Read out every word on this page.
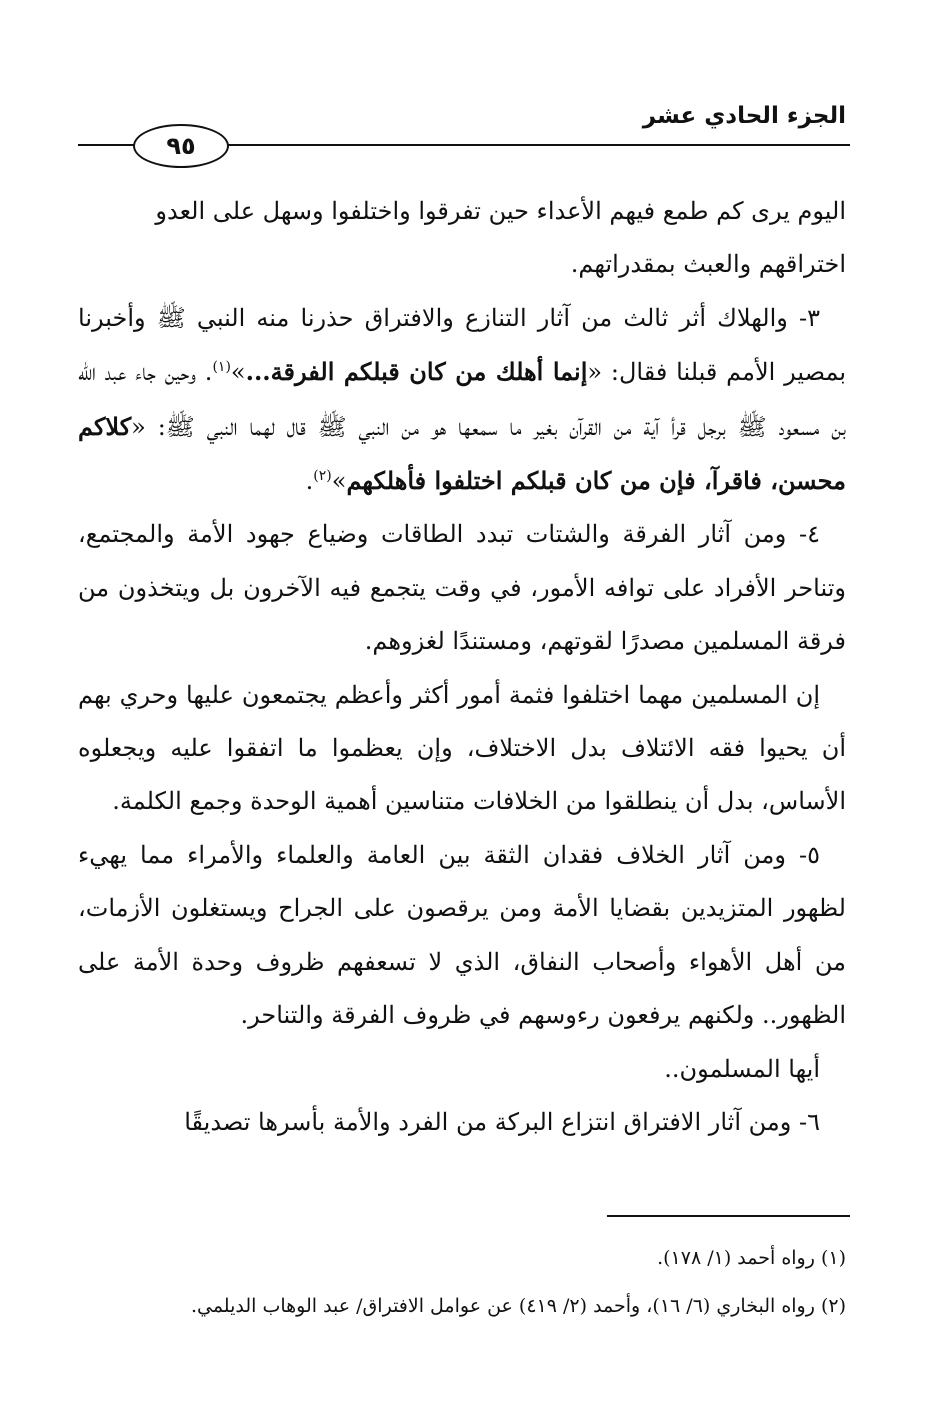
الجزء الحادي عشر
٩٥

اليوم يرى كم طمع فيهم الأعداء حين تفرقوا واختلفوا وسهل على العدو

اختراقهم والعبث بمقدراتهم.

٣- والهلاك أثر ثالث من آثار التنازع والافتراق حذرنا منه النبي ﷺ وأخبرنا بمصير الأمم قبلنا فقال: «إنما أهلك من كان قبلكم الفرقة...»$^{(١)}$. وحين جاء عبد الله بن مسعود ﷺ برجل قرأ آية من القرآن بغير ما سمعها هو من النبي ﷺ قال لهما النبي ﷺ: «كلاكم محسن، فاقرآ، فإن من كان قبلكم اختلفوا فأهلكهم»$^{(٢)}$.

٤- ومن آثار الفرقة والشتات تبدد الطاقات وضياع جهود الأمة والمجتمع، وتناحر الأفراد على توافه الأمور، في وقت يتجمع فيه الآخرون بل ويتخذون من فرقة المسلمين مصدرًا لقوتهم، ومستندًا لغزوهم.

إن المسلمين مهما اختلفوا فثمة أمور أكثر وأعظم يجتمعون عليها وحري بهم أن يحيوا فقه الائتلاف بدل الاختلاف، وإن يعظموا ما اتفقوا عليه ويجعلوه الأساس، بدل أن ينطلقوا من الخلافات متناسين أهمية الوحدة وجمع الكلمة.

٥- ومن آثار الخلاف فقدان الثقة بين العامة والعلماء والأمراء مما يهيء لظهور المتزيدين بقضايا الأمة ومن يرقصون على الجراح ويستغلون الأزمات، من أهل الأهواء وأصحاب النفاق، الذي لا تسعفهم ظروف وحدة الأمة على الظهور.. ولكنهم يرفعون رءوسهم في ظروف الفرقة والتناحر.

أيها المسلمون..

٦- ومن آثار الافتراق انتزاع البركة من الفرد والأمة بأسرها تصديقًا

(١) رواه أحمد (١/ ١٧٨).

(٢) رواه البخاري (٦/ ١٦)، وأحمد (٢/ ٤١٩) عن عوامل الافتراق/ عبد الوهاب الديلمي.
